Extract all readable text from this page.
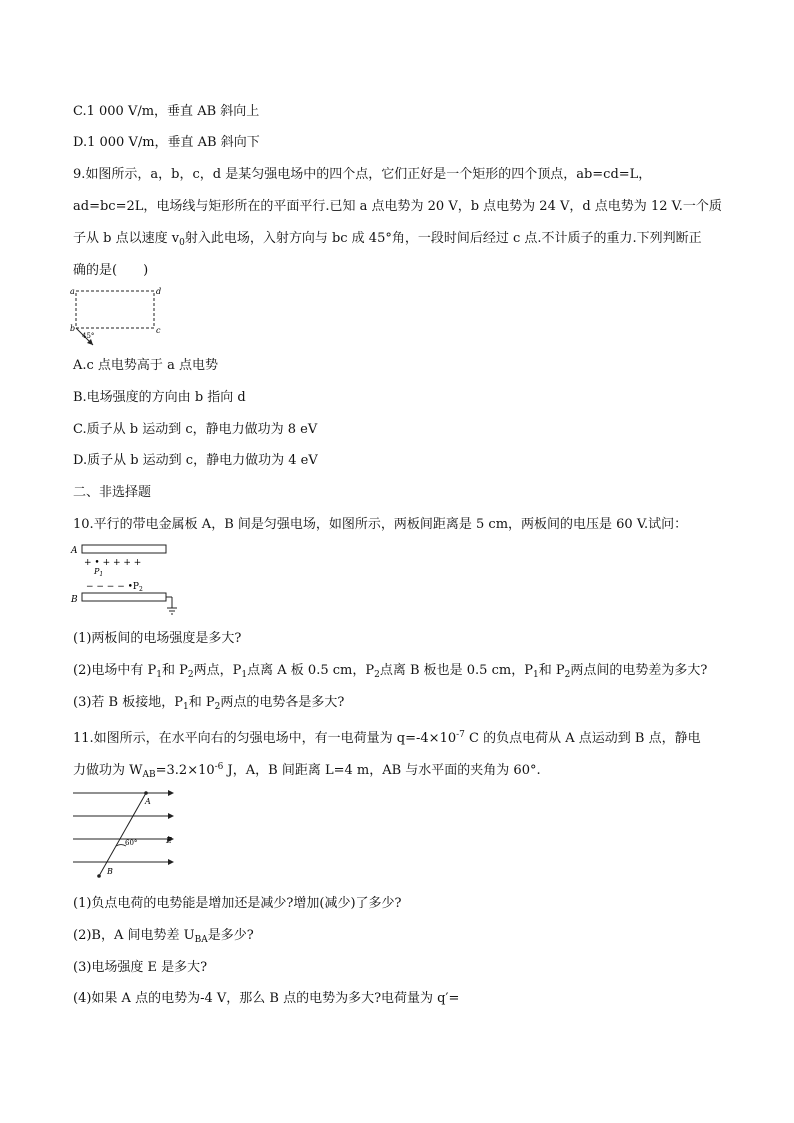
C.1 000 V/m，垂直 AB 斜向上
D.1 000 V/m，垂直 AB 斜向下
9.如图所示，a，b，c，d 是某匀强电场中的四个点，它们正好是一个矩形的四个顶点，ab=cd=L，
ad=bc=2L，电场线与矩形所在的平面平行.已知 a 点电势为 20 V，b 点电势为 24 V，d 点电势为 12 V.一个质
子从 b 点以速度 $v_0$射入此电场，入射方向与 bc 成 45°角，一段时间后经过 c 点.不计质子的重力.下列判断正
确的是(　　)
a	d
b	c
45°
A.c 点电势高于 a 点电势
B.电场强度的方向由 b 指向 d
C.质子从 b 运动到 c，静电力做功为 8 eV
D.质子从 b 运动到 c，静电力做功为 4 eV
二、非选择题
10.平行的带电金属板 A，B 间是匀强电场，如图所示，两板间距离是 5 cm，两板间的电压是 60 V.试问：
A
+ • + + + +
$P_1$
− − − − $•P_2$
B
(1)两板间的电场强度是多大?
(2)电场中有 $P_1$和 $P_2$两点，$P_1$点离 A 板 0.5 cm，$P_2$点离 B 板也是 0.5 cm，$P_1$和 $P_2$两点间的电势差为多大?
(3)若 B 板接地，$P_1$和 $P_2$两点的电势各是多大?
11.如图所示，在水平向右的匀强电场中，有一电荷量为 $q=-4\times 10^{-7}$ C 的负点电荷从 A 点运动到 B 点，静电
力做功为 $W_{AB}=3.2\times 10^{-6}$ J，A，B 间距离 L=4 m，AB 与水平面的夹角为 60°.
A
60°	E
B
(1)负点电荷的电势能是增加还是减少?增加(减少)了多少?
(2)B，A 间电势差 $U_{BA}$是多少?
(3)电场强度 E 是多大?
(4)如果 A 点的电势为-4 V，那么 B 点的电势为多大?电荷量为 q′=
